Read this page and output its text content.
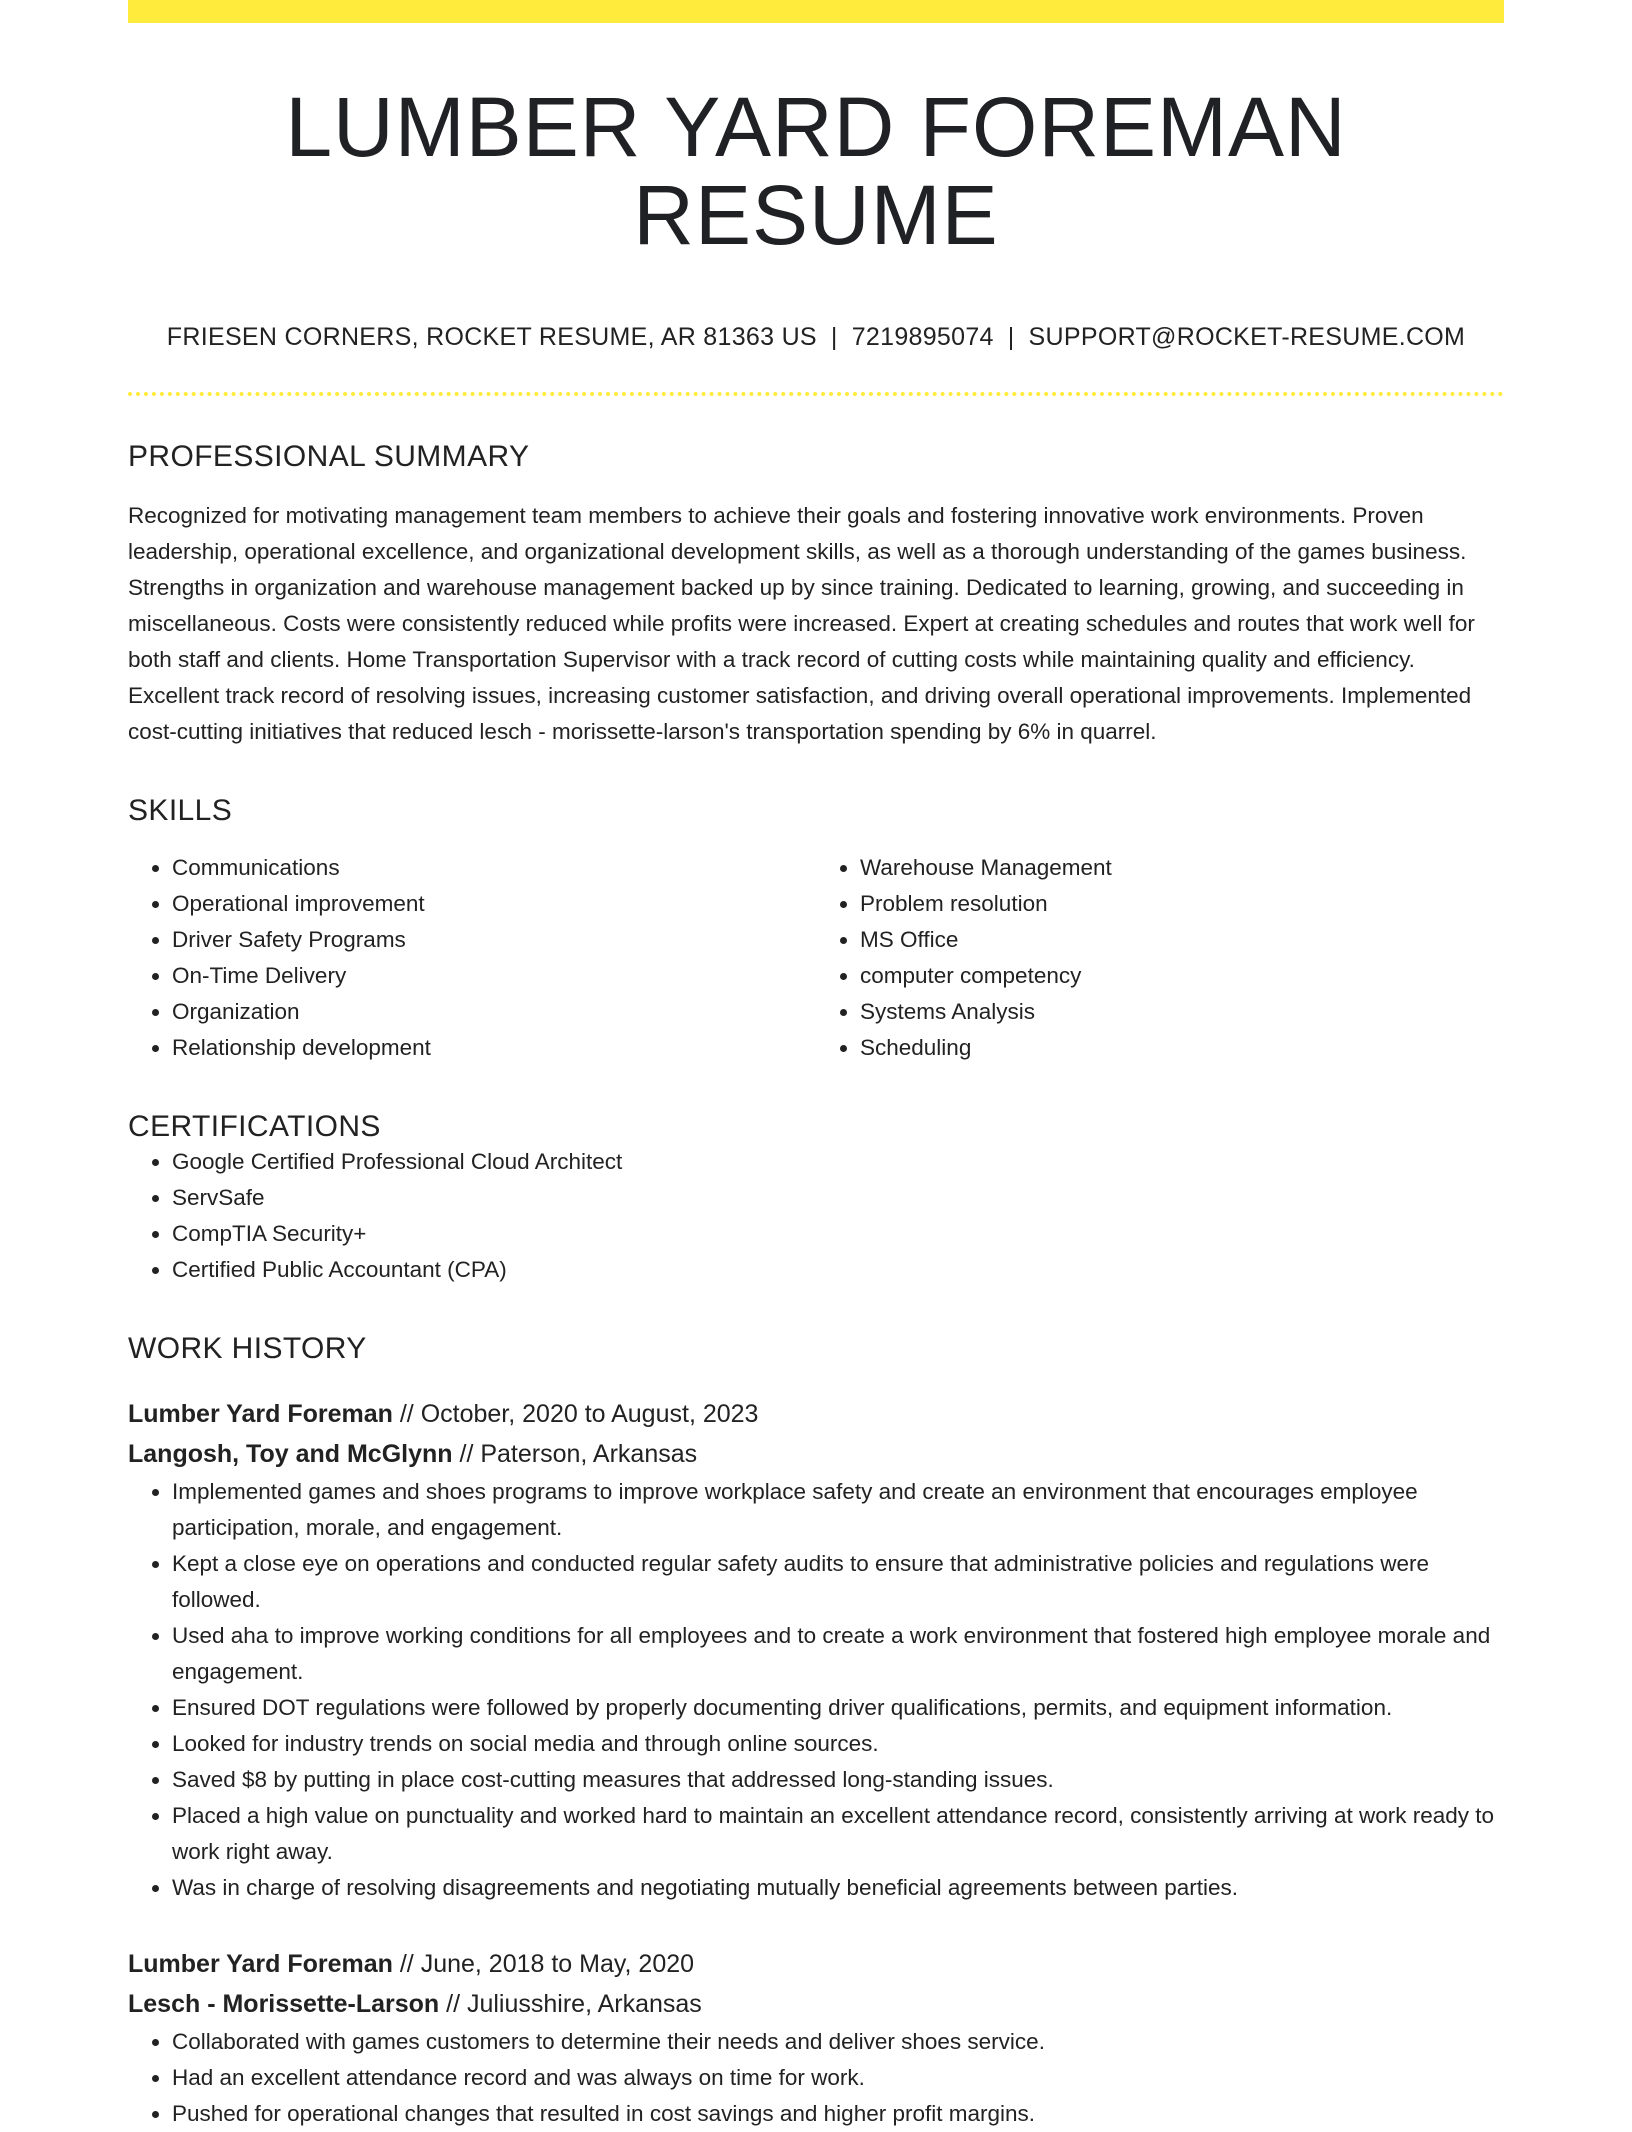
LUMBER YARD FOREMAN RESUME
FRIESEN CORNERS, ROCKET RESUME, AR 81363 US | 7219895074 | SUPPORT@ROCKET-RESUME.COM
PROFESSIONAL SUMMARY

Recognized for motivating management team members to achieve their goals and fostering innovative work environments. Proven leadership, operational excellence, and organizational development skills, as well as a thorough understanding of the games business. Strengths in organization and warehouse management backed up by since training. Dedicated to learning, growing, and succeeding in miscellaneous. Costs were consistently reduced while profits were increased. Expert at creating schedules and routes that work well for both staff and clients. Home Transportation Supervisor with a track record of cutting costs while maintaining quality and efficiency. Excellent track record of resolving issues, increasing customer satisfaction, and driving overall operational improvements. Implemented cost-cutting initiatives that reduced lesch - morissette-larson's transportation spending by 6% in quarrel.

SKILLS
• Communications
• Operational improvement
• Driver Safety Programs
• On-Time Delivery
• Organization
• Relationship development
• Warehouse Management
• Problem resolution
• MS Office
• computer competency
• Systems Analysis
• Scheduling
CERTIFICATIONS
• Google Certified Professional Cloud Architect
• ServSafe
• CompTIA Security+
• Certified Public Accountant (CPA)
WORK HISTORY
Lumber Yard Foreman // October, 2020 to August, 2023
Langosh, Toy and McGlynn // Paterson, Arkansas
• Implemented games and shoes programs to improve workplace safety and create an environment that encourages employee participation, morale, and engagement.
• Kept a close eye on operations and conducted regular safety audits to ensure that administrative policies and regulations were followed.
• Used aha to improve working conditions for all employees and to create a work environment that fostered high employee morale and engagement.
• Ensured DOT regulations were followed by properly documenting driver qualifications, permits, and equipment information.
• Looked for industry trends on social media and through online sources.
• Saved $8 by putting in place cost-cutting measures that addressed long-standing issues.
• Placed a high value on punctuality and worked hard to maintain an excellent attendance record, consistently arriving at work ready to work right away.
• Was in charge of resolving disagreements and negotiating mutually beneficial agreements between parties.
Lumber Yard Foreman // June, 2018 to May, 2020
Lesch - Morissette-Larson // Juliusshire, Arkansas
• Collaborated with games customers to determine their needs and deliver shoes service.
• Had an excellent attendance record and was always on time for work.
• Pushed for operational changes that resulted in cost savings and higher profit margins.
